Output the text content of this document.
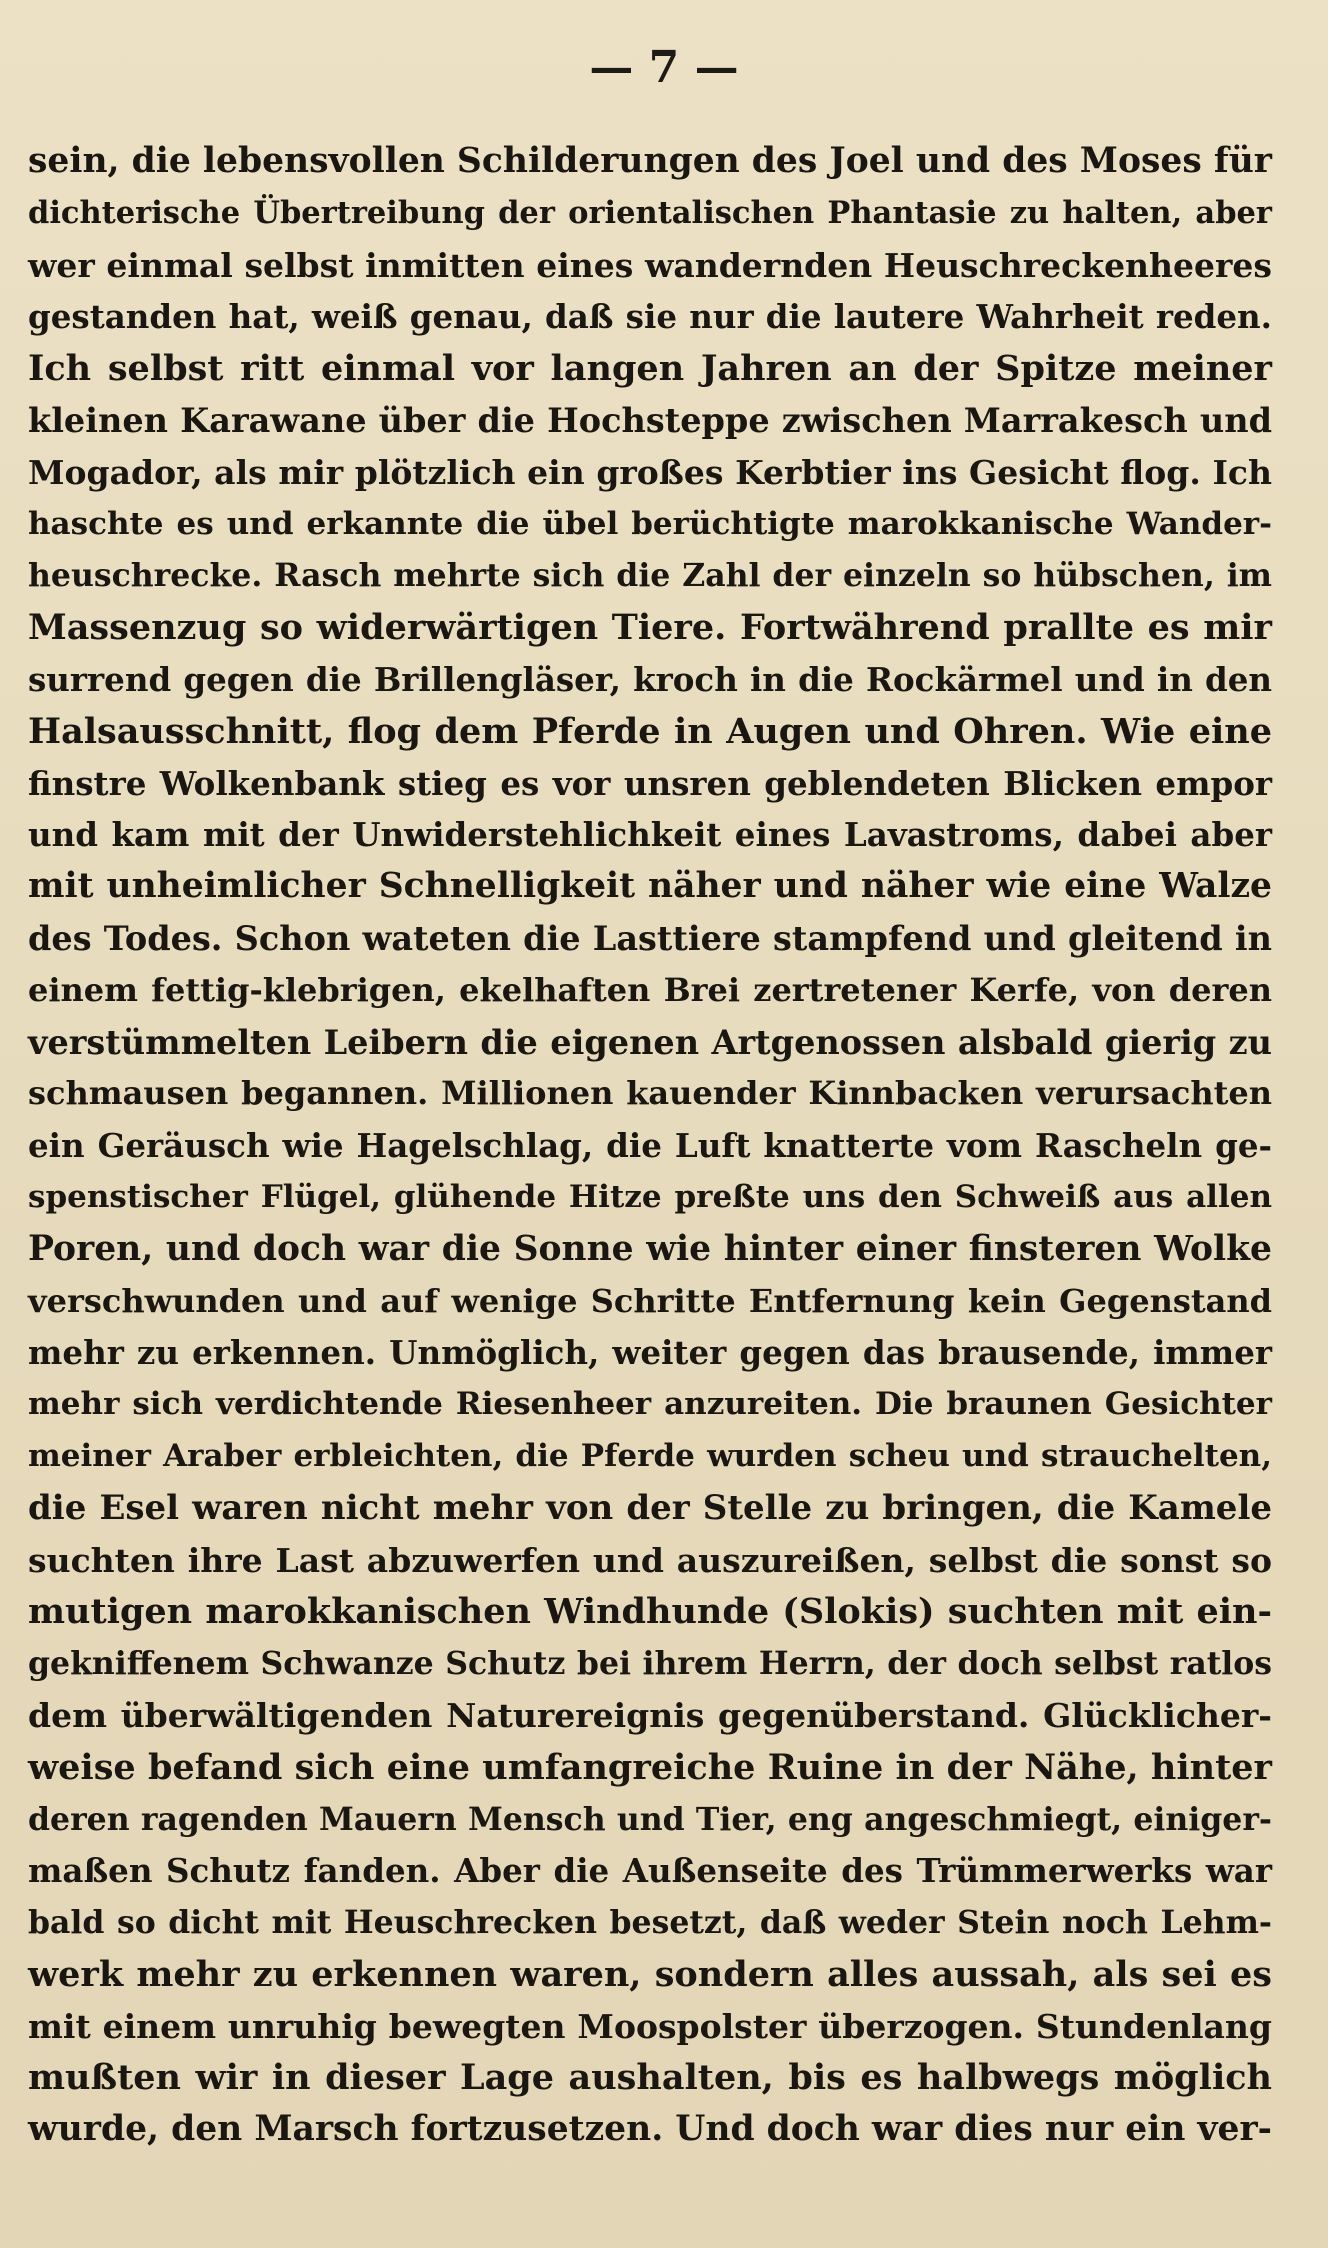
— 7 —
sein, die lebensvollen Schilderungen des Joel und des Moses für
dichterische Übertreibung der orientalischen Phantasie zu halten, aber
wer einmal selbst inmitten eines wandernden Heuschreckenheeres
gestanden hat, weiß genau, daß sie nur die lautere Wahrheit reden.
Ich selbst ritt einmal vor langen Jahren an der Spitze meiner
kleinen Karawane über die Hochsteppe zwischen Marrakesch und
Mogador, als mir plötzlich ein großes Kerbtier ins Gesicht flog. Ich
haschte es und erkannte die übel berüchtigte marokkanische Wander-
heuschrecke. Rasch mehrte sich die Zahl der einzeln so hübschen, im
Massenzug so widerwärtigen Tiere. Fortwährend prallte es mir
surrend gegen die Brillengläser, kroch in die Rockärmel und in den
Halsausschnitt, flog dem Pferde in Augen und Ohren. Wie eine
finstre Wolkenbank stieg es vor unsren geblendeten Blicken empor
und kam mit der Unwiderstehlichkeit eines Lavastroms, dabei aber
mit unheimlicher Schnelligkeit näher und näher wie eine Walze
des Todes. Schon wateten die Lasttiere stampfend und gleitend in
einem fettig-klebrigen, ekelhaften Brei zertretener Kerfe, von deren
verstümmelten Leibern die eigenen Artgenossen alsbald gierig zu
schmausen begannen. Millionen kauender Kinnbacken verursachten
ein Geräusch wie Hagelschlag, die Luft knatterte vom Rascheln ge-
spenstischer Flügel, glühende Hitze preßte uns den Schweiß aus allen
Poren, und doch war die Sonne wie hinter einer finsteren Wolke
verschwunden und auf wenige Schritte Entfernung kein Gegenstand
mehr zu erkennen. Unmöglich, weiter gegen das brausende, immer
mehr sich verdichtende Riesenheer anzureiten. Die braunen Gesichter
meiner Araber erbleichten, die Pferde wurden scheu und strauchelten,
die Esel waren nicht mehr von der Stelle zu bringen, die Kamele
suchten ihre Last abzuwerfen und auszureißen, selbst die sonst so
mutigen marokkanischen Windhunde (Slokis) suchten mit ein-
gekniffenem Schwanze Schutz bei ihrem Herrn, der doch selbst ratlos
dem überwältigenden Naturereignis gegenüberstand. Glücklicher-
weise befand sich eine umfangreiche Ruine in der Nähe, hinter
deren ragenden Mauern Mensch und Tier, eng angeschmiegt, einiger-
maßen Schutz fanden. Aber die Außenseite des Trümmerwerks war
bald so dicht mit Heuschrecken besetzt, daß weder Stein noch Lehm-
werk mehr zu erkennen waren, sondern alles aussah, als sei es
mit einem unruhig bewegten Moospolster überzogen. Stundenlang
mußten wir in dieser Lage aushalten, bis es halbwegs möglich
wurde, den Marsch fortzusetzen. Und doch war dies nur ein ver-
